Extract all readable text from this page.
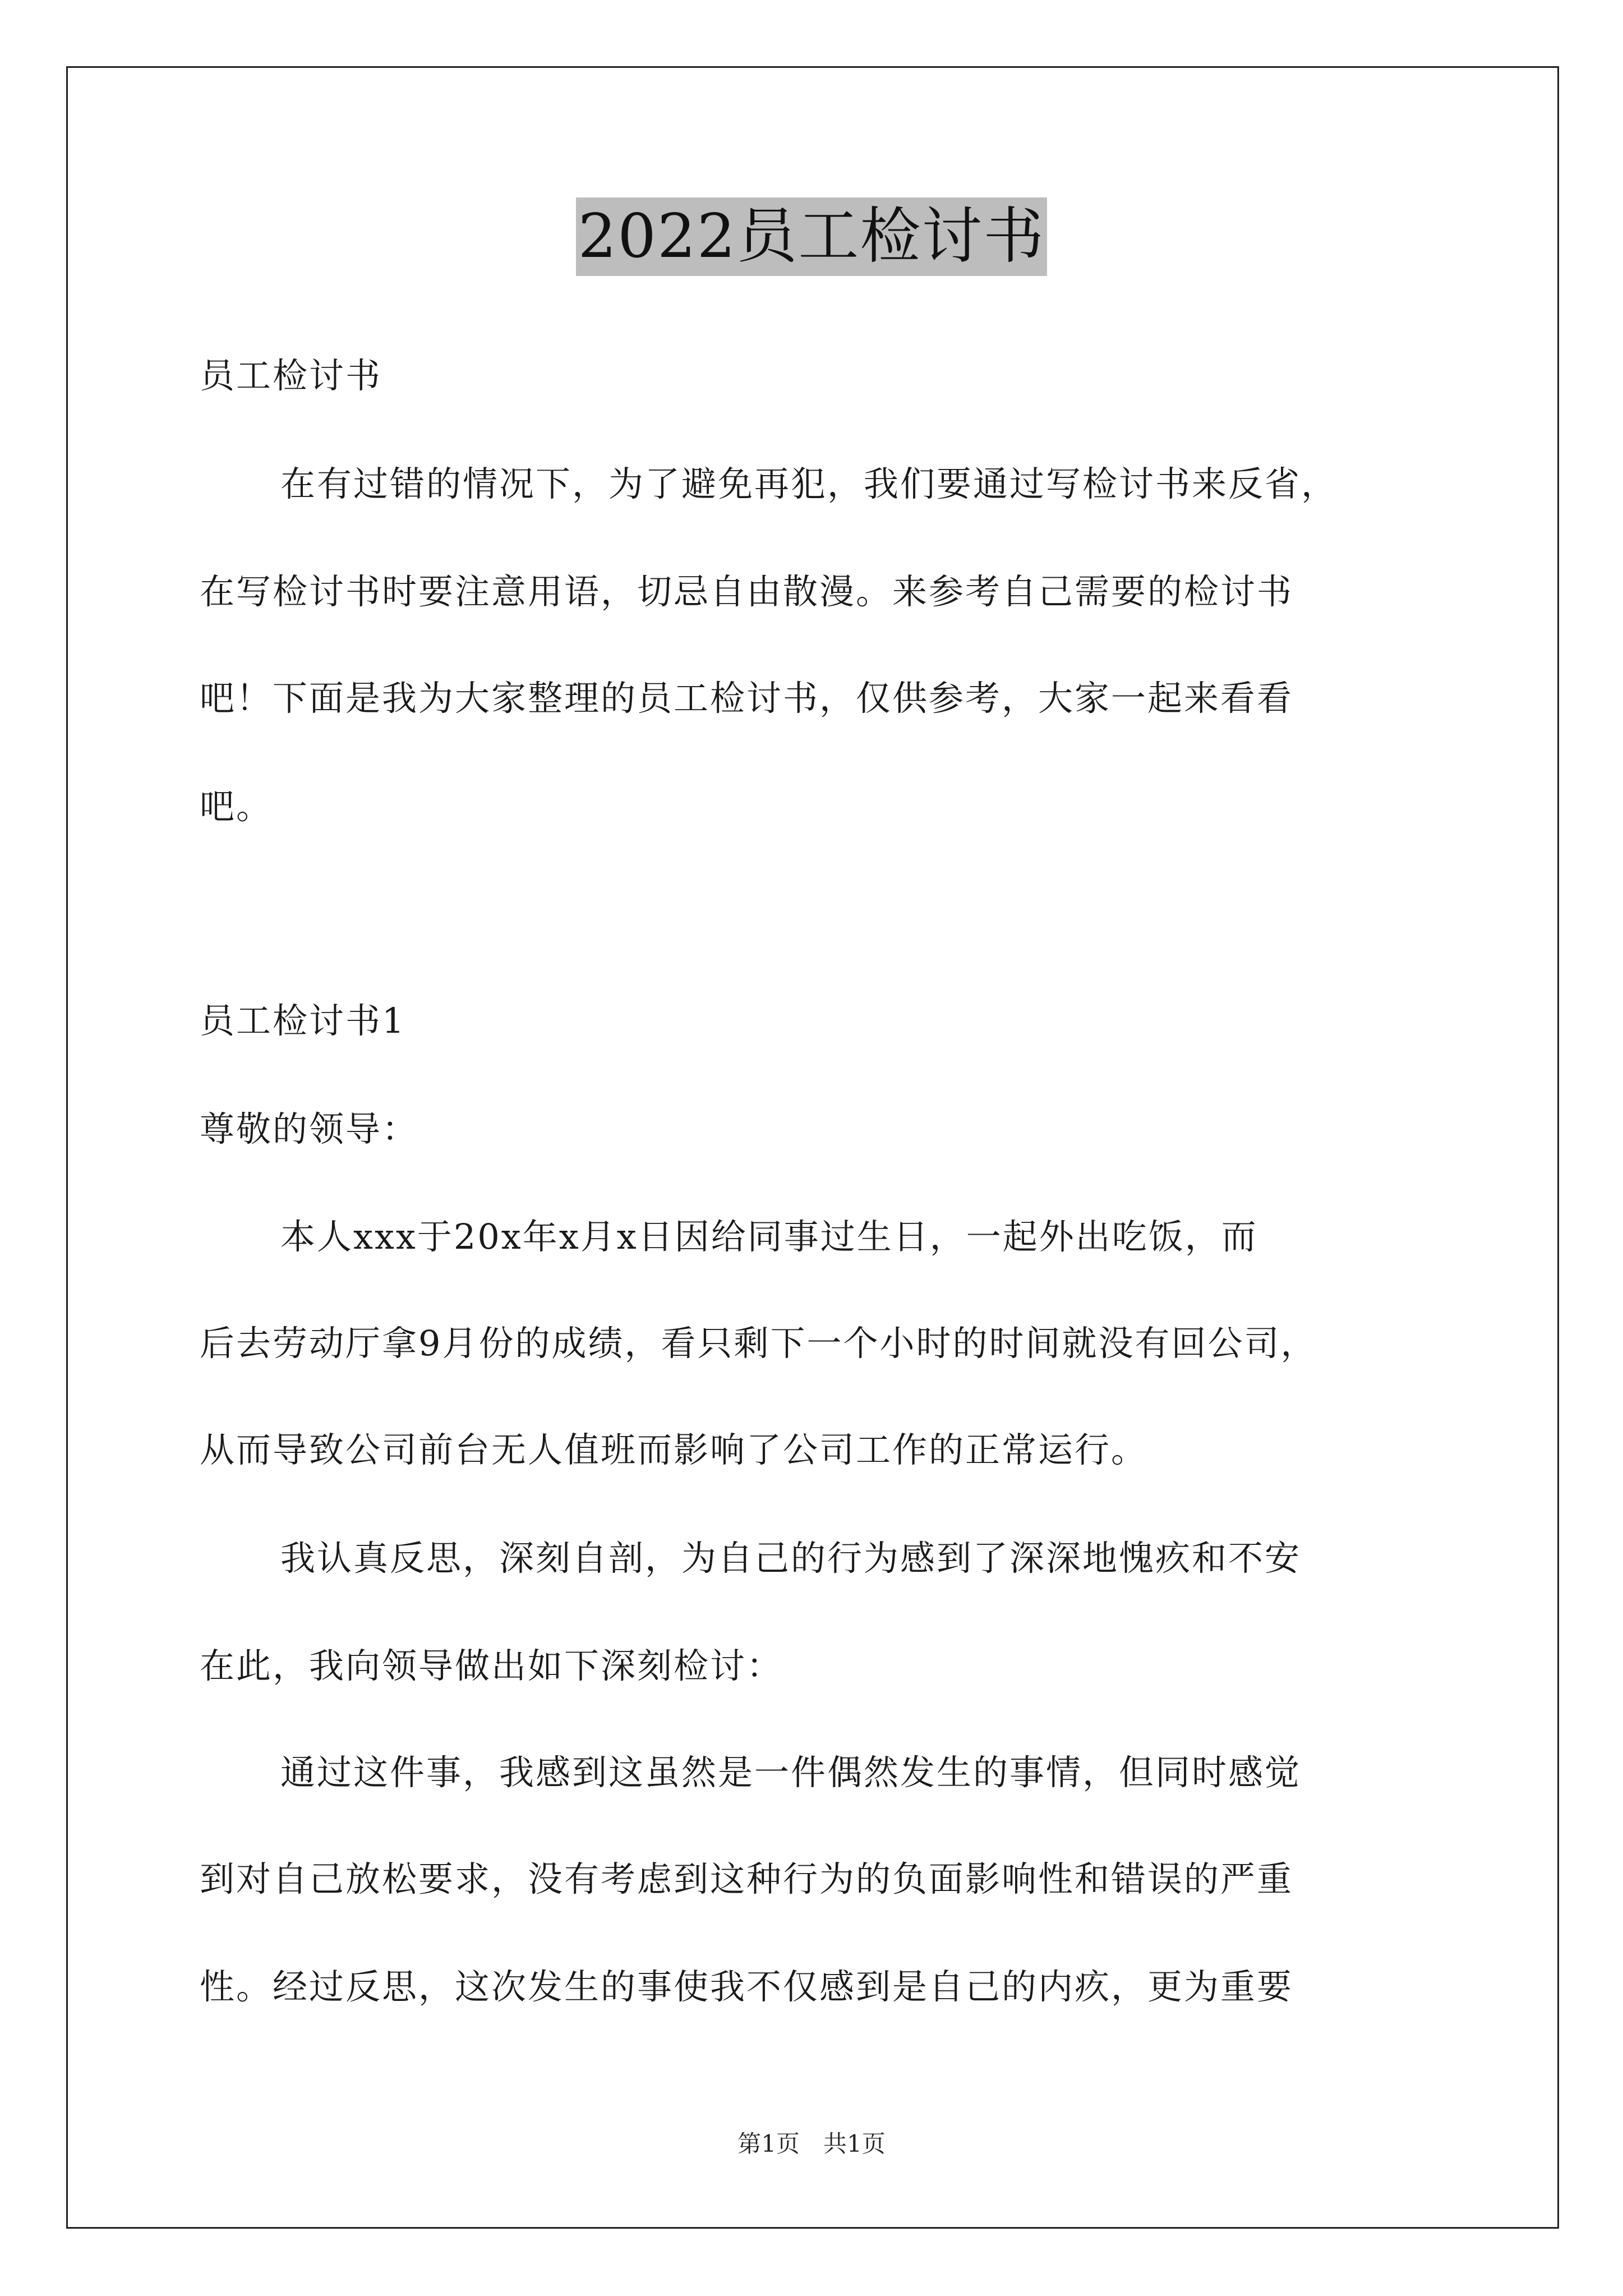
2022员工检讨书

员工检讨书

在有过错的情况下，为了避免再犯，我们要通过写检讨书来反省，

在写检讨书时要注意用语，切忌自由散漫。来参考自己需要的检讨书

吧！下面是我为大家整理的员工检讨书，仅供参考，大家一起来看看

吧。

员工检讨书1

尊敬的领导：

本人xxx于20x年x月x日因给同事过生日，一起外出吃饭，而

后去劳动厅拿9月份的成绩，看只剩下一个小时的时间就没有回公司，

从而导致公司前台无人值班而影响了公司工作的正常运行。

我认真反思，深刻自剖，为自己的行为感到了深深地愧疚和不安

在此，我向领导做出如下深刻检讨：

通过这件事，我感到这虽然是一件偶然发生的事情，但同时感觉

到对自己放松要求，没有考虑到这种行为的负面影响性和错误的严重

性。经过反思，这次发生的事使我不仅感到是自己的内疚，更为重要

第1页　共1页
